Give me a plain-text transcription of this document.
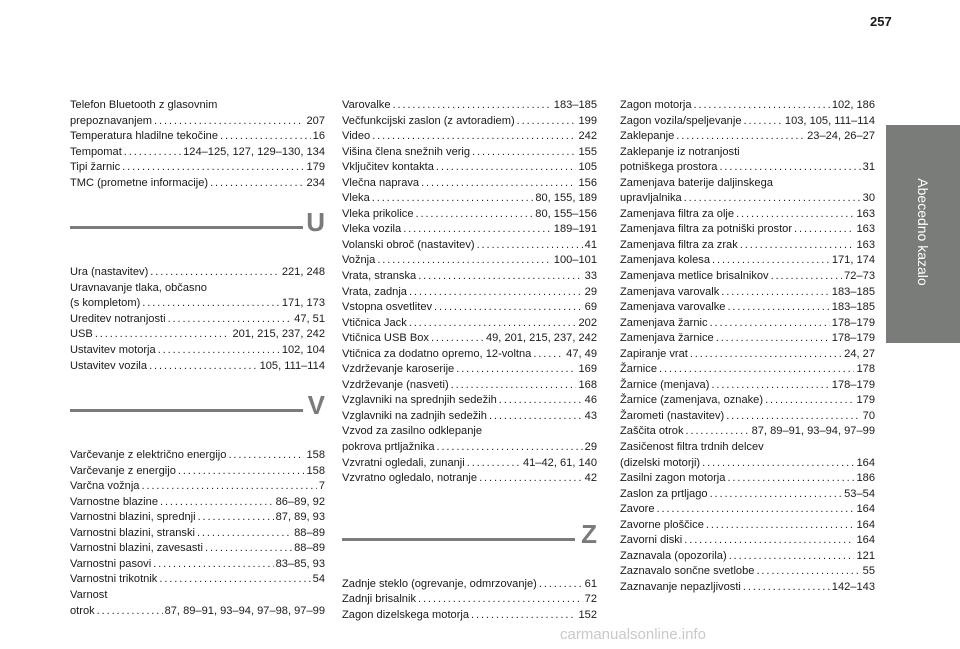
257
Abecedno kazalo
Telefon Bluetooth z glasovnim
prepoznavanjem . . .	207
Temperatura hladilne tekočine . . .	16
Tempomat . . .	124–125, 127, 129–130, 134
Tipi žarnic . . .	179
TMC (prometne informacije) . . .	234
U
Ura (nastavitev) . . .	221, 248
Uravnavanje tlaka, občasno
(s kompletom) . . .	171, 173
Ureditev notranjosti . . .	47, 51
USB . . .	201, 215, 237, 242
Ustavitev motorja . . .	102, 104
Ustavitev vozila . . .	105, 111–114
V
Varčevanje z električno energijo . . .	158
Varčevanje z energijo . . .	158
Varčna vožnja . . .	7
Varnostne blazine . . .	86–89, 92
Varnostni blazini, sprednji . . .	87, 89, 93
Varnostni blazini, stranski . . .	88–89
Varnostni blazini, zavesasti . . .	88–89
Varnostni pasovi . . .	83–85, 93
Varnostni trikotnik . . .	54
Varnost
otrok . . .	87, 89–91, 93–94, 97–98, 97–99
Varovalke . . .	183–185
Večfunkcijski zaslon (z avtoradiem) . . .	199
Video . . .	242
Višina člena snežnih verig . . .	155
Vključitev kontakta . . .	105
Vlečna naprava . . .	156
Vleka . . .	80, 155, 189
Vleka prikolice . . .	80, 155–156
Vleka vozila . . .	189–191
Volanski obroč (nastavitev) . . .	41
Vožnja . . .	100–101
Vrata, stranska . . .	33
Vrata, zadnja . . .	29
Vstopna osvetlitev . . .	69
Vtičnica Jack . . .	202
Vtičnica USB Box . . .	49, 201, 215, 237, 242
Vtičnica za dodatno opremo, 12-voltna . . .	47, 49
Vzdrževanje karoserije . . .	169
Vzdrževanje (nasveti) . . .	168
Vzglavniki na sprednjih sedežih . . .	46
Vzglavniki na zadnjih sedežih . . .	43
Vzvod za zasilno odklepanje
pokrova prtljažnika . . .	29
Vzvratni ogledali, zunanji . . .	41–42, 61, 140
Vzvratno ogledalo, notranje . . .	42
Z
Zadnje steklo (ogrevanje, odmrzovanje) . . .	61
Zadnji brisalnik . . .	72
Zagon dizelskega motorja . . .	152
Zagon motorja . . .	102, 186
Zagon vozila/speljevanje . . .	103, 105, 111–114
Zaklepanje . . .	23–24, 26–27
Zaklepanje iz notranjosti
potniškega prostora . . .	31
Zamenjava baterije daljinskega
upravljalnika . . .	30
Zamenjava filtra za olje . . .	163
Zamenjava filtra za potniški prostor . . .	163
Zamenjava filtra za zrak . . .	163
Zamenjava kolesa . . .	171, 174
Zamenjava metlice brisalnikov . . .	72–73
Zamenjava varovalk . . .	183–185
Zamenjava varovalke . . .	183–185
Zamenjava žarnic . . .	178–179
Zamenjava žarnice . . .	178–179
Zapiranje vrat . . .	24, 27
Žarnice . . .	178
Žarnice (menjava) . . .	178–179
Žarnice (zamenjava, oznake) . . .	179
Žarometi (nastavitev) . . .	70
Zaščita otrok . . .	87, 89–91, 93–94, 97–99
Zasičenost filtra trdnih delcev
(dizelski motorji) . . .	164
Zasilni zagon motorja . . .	186
Zaslon za prtljago . . .	53–54
Zavore . . .	164
Zavorne ploščice . . .	164
Zavorni diski . . .	164
Zaznavala (opozorila) . . .	121
Zaznavalo sončne svetlobe . . .	55
Zaznavanje nepazljivosti . . .	142–143
carmanualsonline.info
